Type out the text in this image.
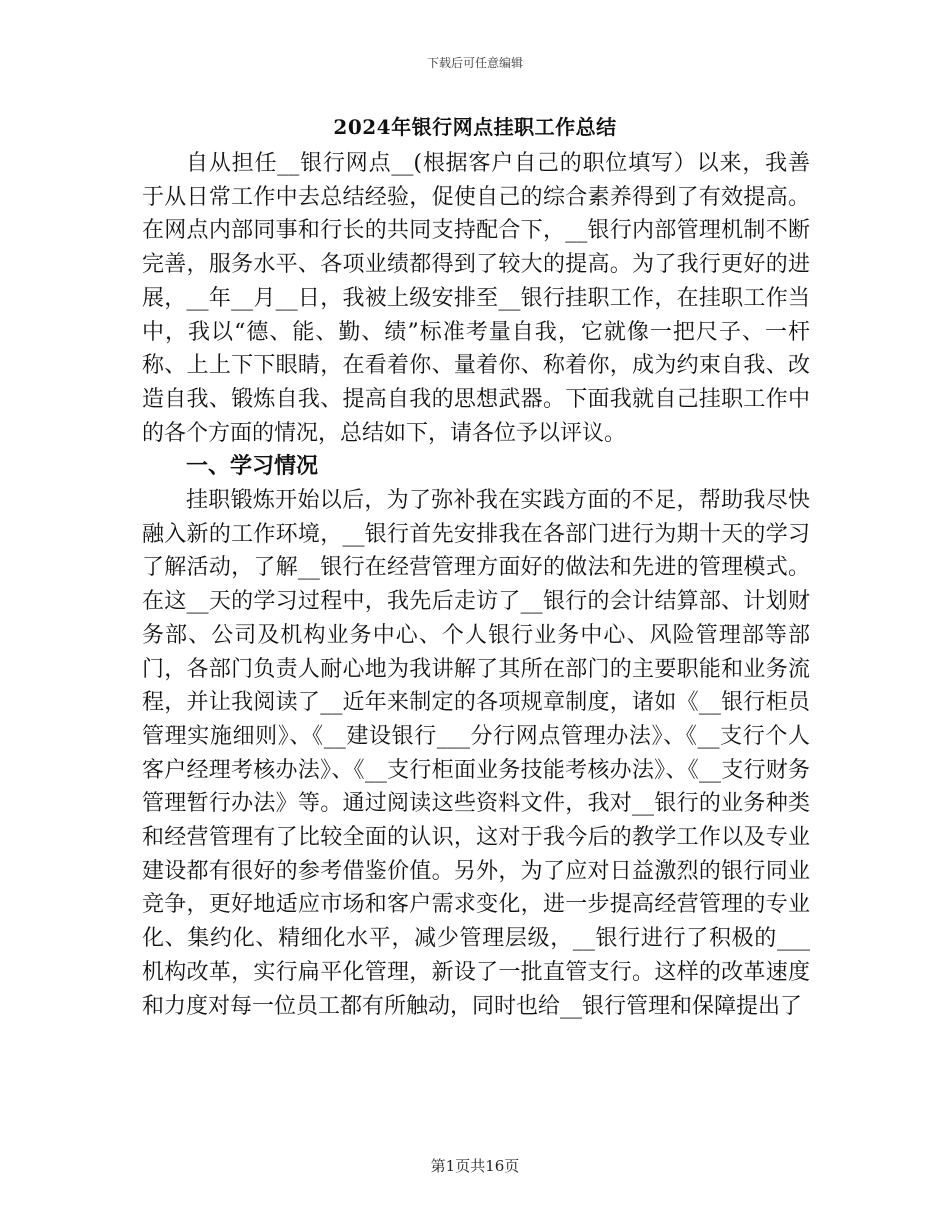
下载后可任意编辑
2024年银行网点挂职工作总结

自从担任__银行网点__(根据客户自己的职位填写）以来，我善于从日常工作中去总结经验，促使自己的综合素养得到了有效提高。在网点内部同事和行长的共同支持配合下，__银行内部管理机制不断完善，服务水平、各项业绩都得到了较大的提高。为了我行更好的进展，__年__月__日，我被上级安排至__银行挂职工作，在挂职工作当中，我以“德、能、勤、绩”标准考量自我，它就像一把尺子、一杆称、上上下下眼睛，在看着你、量着你、称着你，成为约束自我、改造自我、锻炼自我、提高自我的思想武器。下面我就自己挂职工作中的各个方面的情况，总结如下，请各位予以评议。

一、学习情况

挂职锻炼开始以后，为了弥补我在实践方面的不足，帮助我尽快融入新的工作环境，__银行首先安排我在各部门进行为期十天的学习了解活动，了解__银行在经营管理方面好的做法和先进的管理模式。在这__天的学习过程中，我先后走访了__银行的会计结算部、计划财务部、公司及机构业务中心、个人银行业务中心、风险管理部等部门，各部门负责人耐心地为我讲解了其所在部门的主要职能和业务流程，并让我阅读了__近年来制定的各项规章制度，诸如《__银行柜员管理实施细则》、《__建设银行___分行网点管理办法》、《__支行个人客户经理考核办法》、《__支行柜面业务技能考核办法》、《__支行财务管理暂行办法》等。通过阅读这些资料文件，我对__银行的业务种类和经营管理有了比较全面的认识，这对于我今后的教学工作以及专业建设都有很好的参考借鉴价值。另外，为了应对日益激烈的银行同业竞争，更好地适应市场和客户需求变化，进一步提高经营管理的专业化、集约化、精细化水平，减少管理层级，__银行进行了积极的___机构改革，实行扁平化管理，新设了一批直管支行。这样的改革速度和力度对每一位员工都有所触动，同时也给__银行管理和保障提出了

第1页共16页
